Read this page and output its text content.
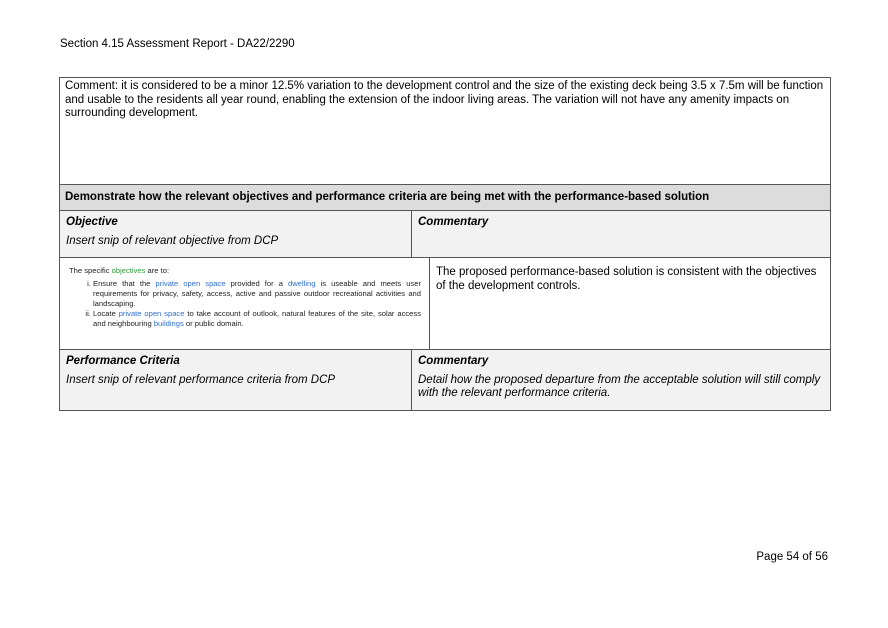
Section 4.15 Assessment Report - DA22/2290
Comment: it is considered to be a minor 12.5% variation to the development control and the size of the existing deck being 3.5 x 7.5m will be function and usable to the residents all year round, enabling the extension of the indoor living areas. The variation will not have any amenity impacts on surrounding development.
Demonstrate how the relevant objectives and performance criteria are being met with the performance-based solution
Objective
Insert snip of relevant objective from DCP
Commentary
The specific objectives are to:
i. Ensure that the private open space provided for a dwelling is useable and meets user requirements for privacy, safety, access, active and passive outdoor recreational activities and landscaping.
ii. Locate private open space to take account of outlook, natural features of the site, solar access and neighbouring buildings or public domain.
The proposed performance-based solution is consistent with the objectives of the development controls.
Performance Criteria
Insert snip of relevant performance criteria from DCP
Commentary
Detail how the proposed departure from the acceptable solution will still comply with the relevant performance criteria.
Page 54 of 56
